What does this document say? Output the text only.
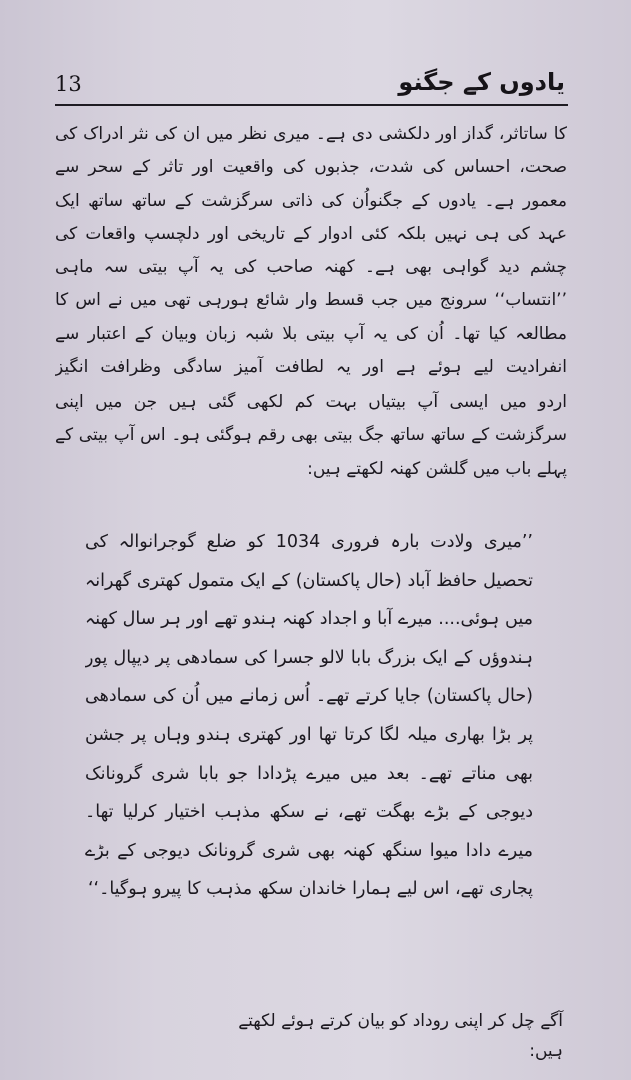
13	یادوں کے جگنو

کا ساتاثر، گداز اور دلکشی دی ہے۔ میری نظر میں ان کی نثر ادراک کی صحت، احساس کی شدت، جذبوں کی واقعیت اور تاثر کے سحر سے معمور ہے۔ یادوں کے جگنواُن کی ذاتی سرگزشت کے ساتھ ساتھ ایک عہد کی ہی نہیں بلکہ کئی ادوار کے تاریخی اور دلچسپ واقعات کی چشم دید گواہی بھی ہے۔ کھنہ صاحب کی یہ آپ بیتی سہ ماہی ’’انتساب‘‘ سرونج میں جب قسط وار شائع ہورہی تھی میں نے اس کا مطالعہ کیا تھا۔ اُن کی یہ آپ بیتی بلا شبہ زبان وبیان کے اعتبار سے انفرادیت لیے ہوئے ہے اور یہ لطافت آمیز سادگی وظرافت انگیز

اردو میں ایسی آپ بیتیاں بہت کم لکھی گئی ہیں جن میں اپنی سرگزشت کے ساتھ ساتھ جگ بیتی بھی رقم ہوگئی ہو۔ اس آپ بیتی کے پہلے باب میں گلشن کھنہ لکھتے ہیں:

’’میری ولادت بارہ فروری 1034 کو ضلع گوجرانوالہ کی تحصیل حافظ آباد (حال پاکستان) کے ایک متمول کھتری گھرانہ میں ہوئی.... میرے آبا و اجداد کھنہ ہندو تھے اور ہر سال کھنہ ہندوؤں کے ایک بزرگ بابا لالو جسرا کی سمادھی پر دیپال پور (حال پاکستان) جایا کرتے تھے۔ اُس زمانے میں اُن کی سمادھی پر بڑا بھاری میلہ لگا کرتا تھا اور کھتری ہندو وہاں پر جشن بھی مناتے تھے۔ بعد میں میرے پڑدادا جو بابا شری گرونانک دیوجی کے بڑے بھگت تھے، نے سکھ مذہب اختیار کرلیا تھا۔ میرے دادا میوا سنگھ کھنہ بھی شری گرونانک دیوجی کے بڑے پجاری تھے، اس لیے ہمارا خاندان سکھ مذہب کا پیرو ہوگیا۔‘‘

آگے چل کر اپنی روداد کو بیان کرتے ہوئے لکھتے ہیں:
